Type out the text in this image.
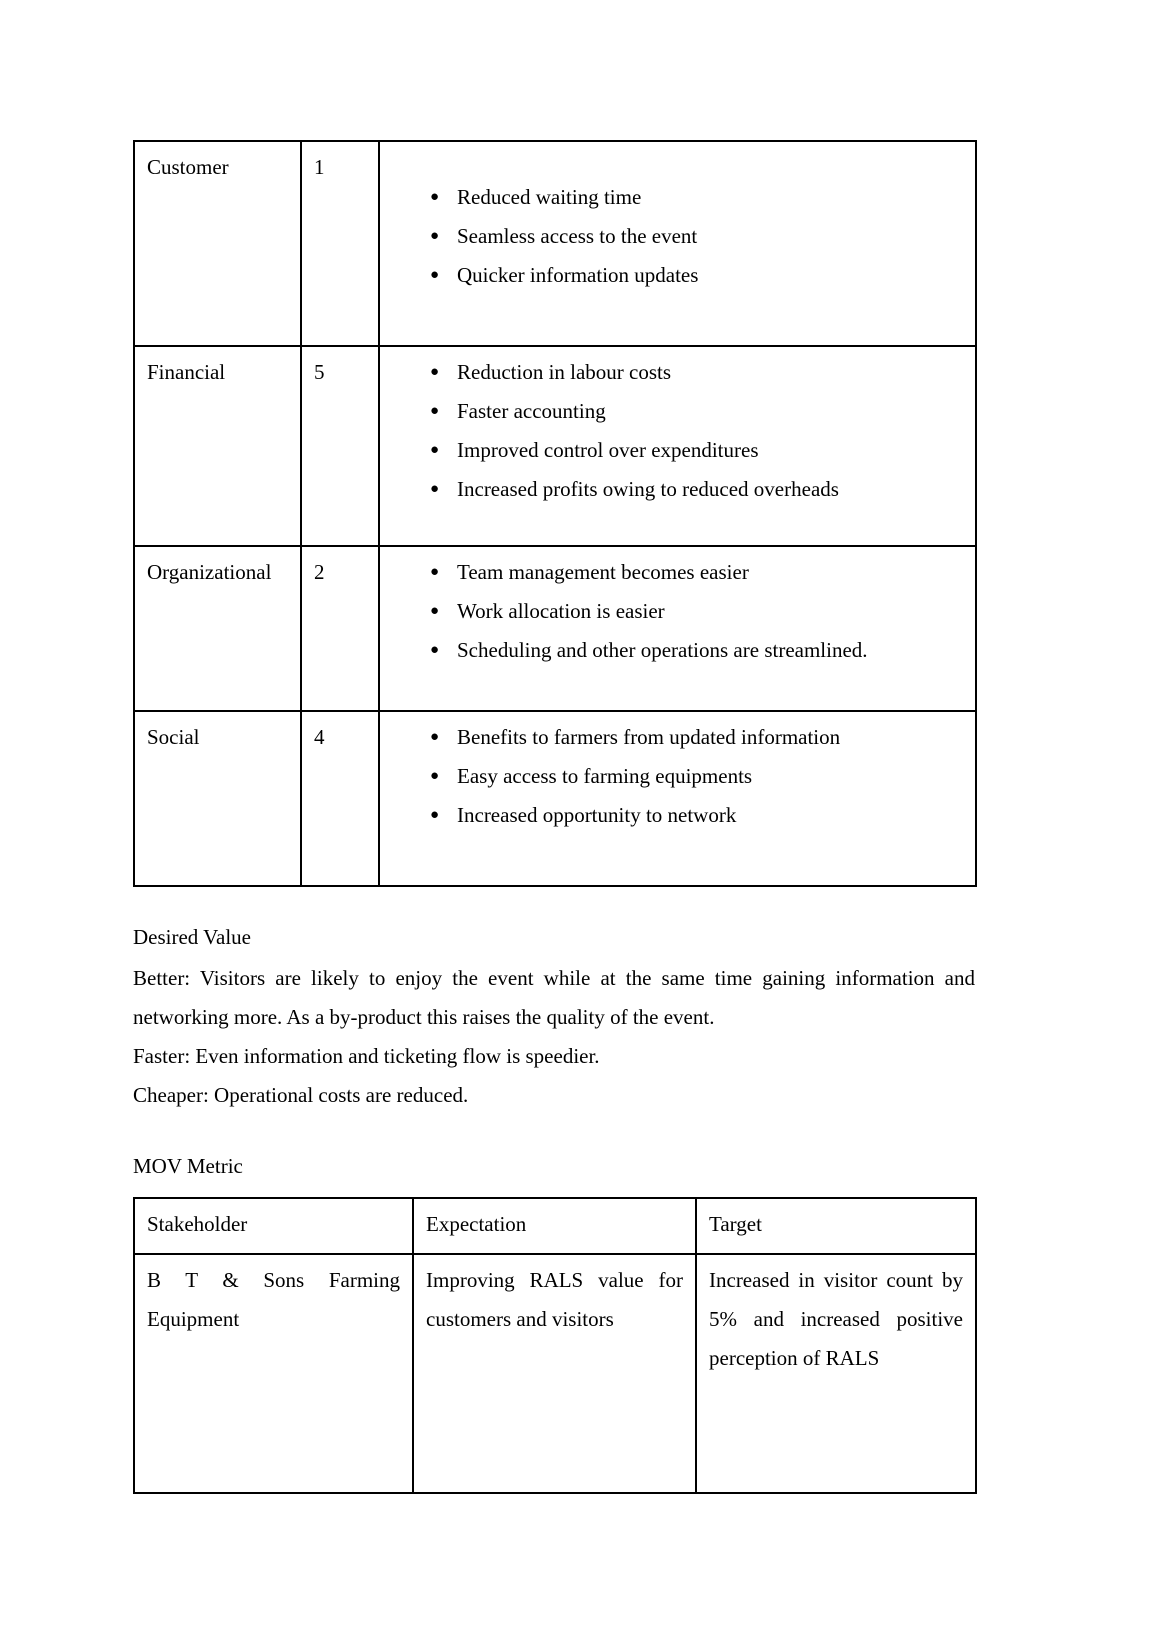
Customer	1	
● Reduced waiting time
● Seamless access to the event
● Quicker information updates

Financial	5	● Reduction in labour costs
● Faster accounting
● Improved control over expenditures
● Increased profits owing to reduced overheads

Organizational	2	● Team management becomes easier
● Work allocation is easier
● Scheduling and other operations are streamlined.

Social	4	● Benefits to farmers from updated information
● Easy access to farming equipments
● Increased opportunity to network
Desired Value

Better: Visitors are likely to enjoy the event while at the same time gaining information and networking more. As a by-product this raises the quality of the event.

Faster: Even information and ticketing flow is speedier.

Cheaper: Operational costs are reduced.

MOV Metric
Stakeholder	Expectation	Target
B T & Sons Farming Equipment	Improving RALS value for customers and visitors	Increased in visitor count by 5% and increased positive perception of RALS
